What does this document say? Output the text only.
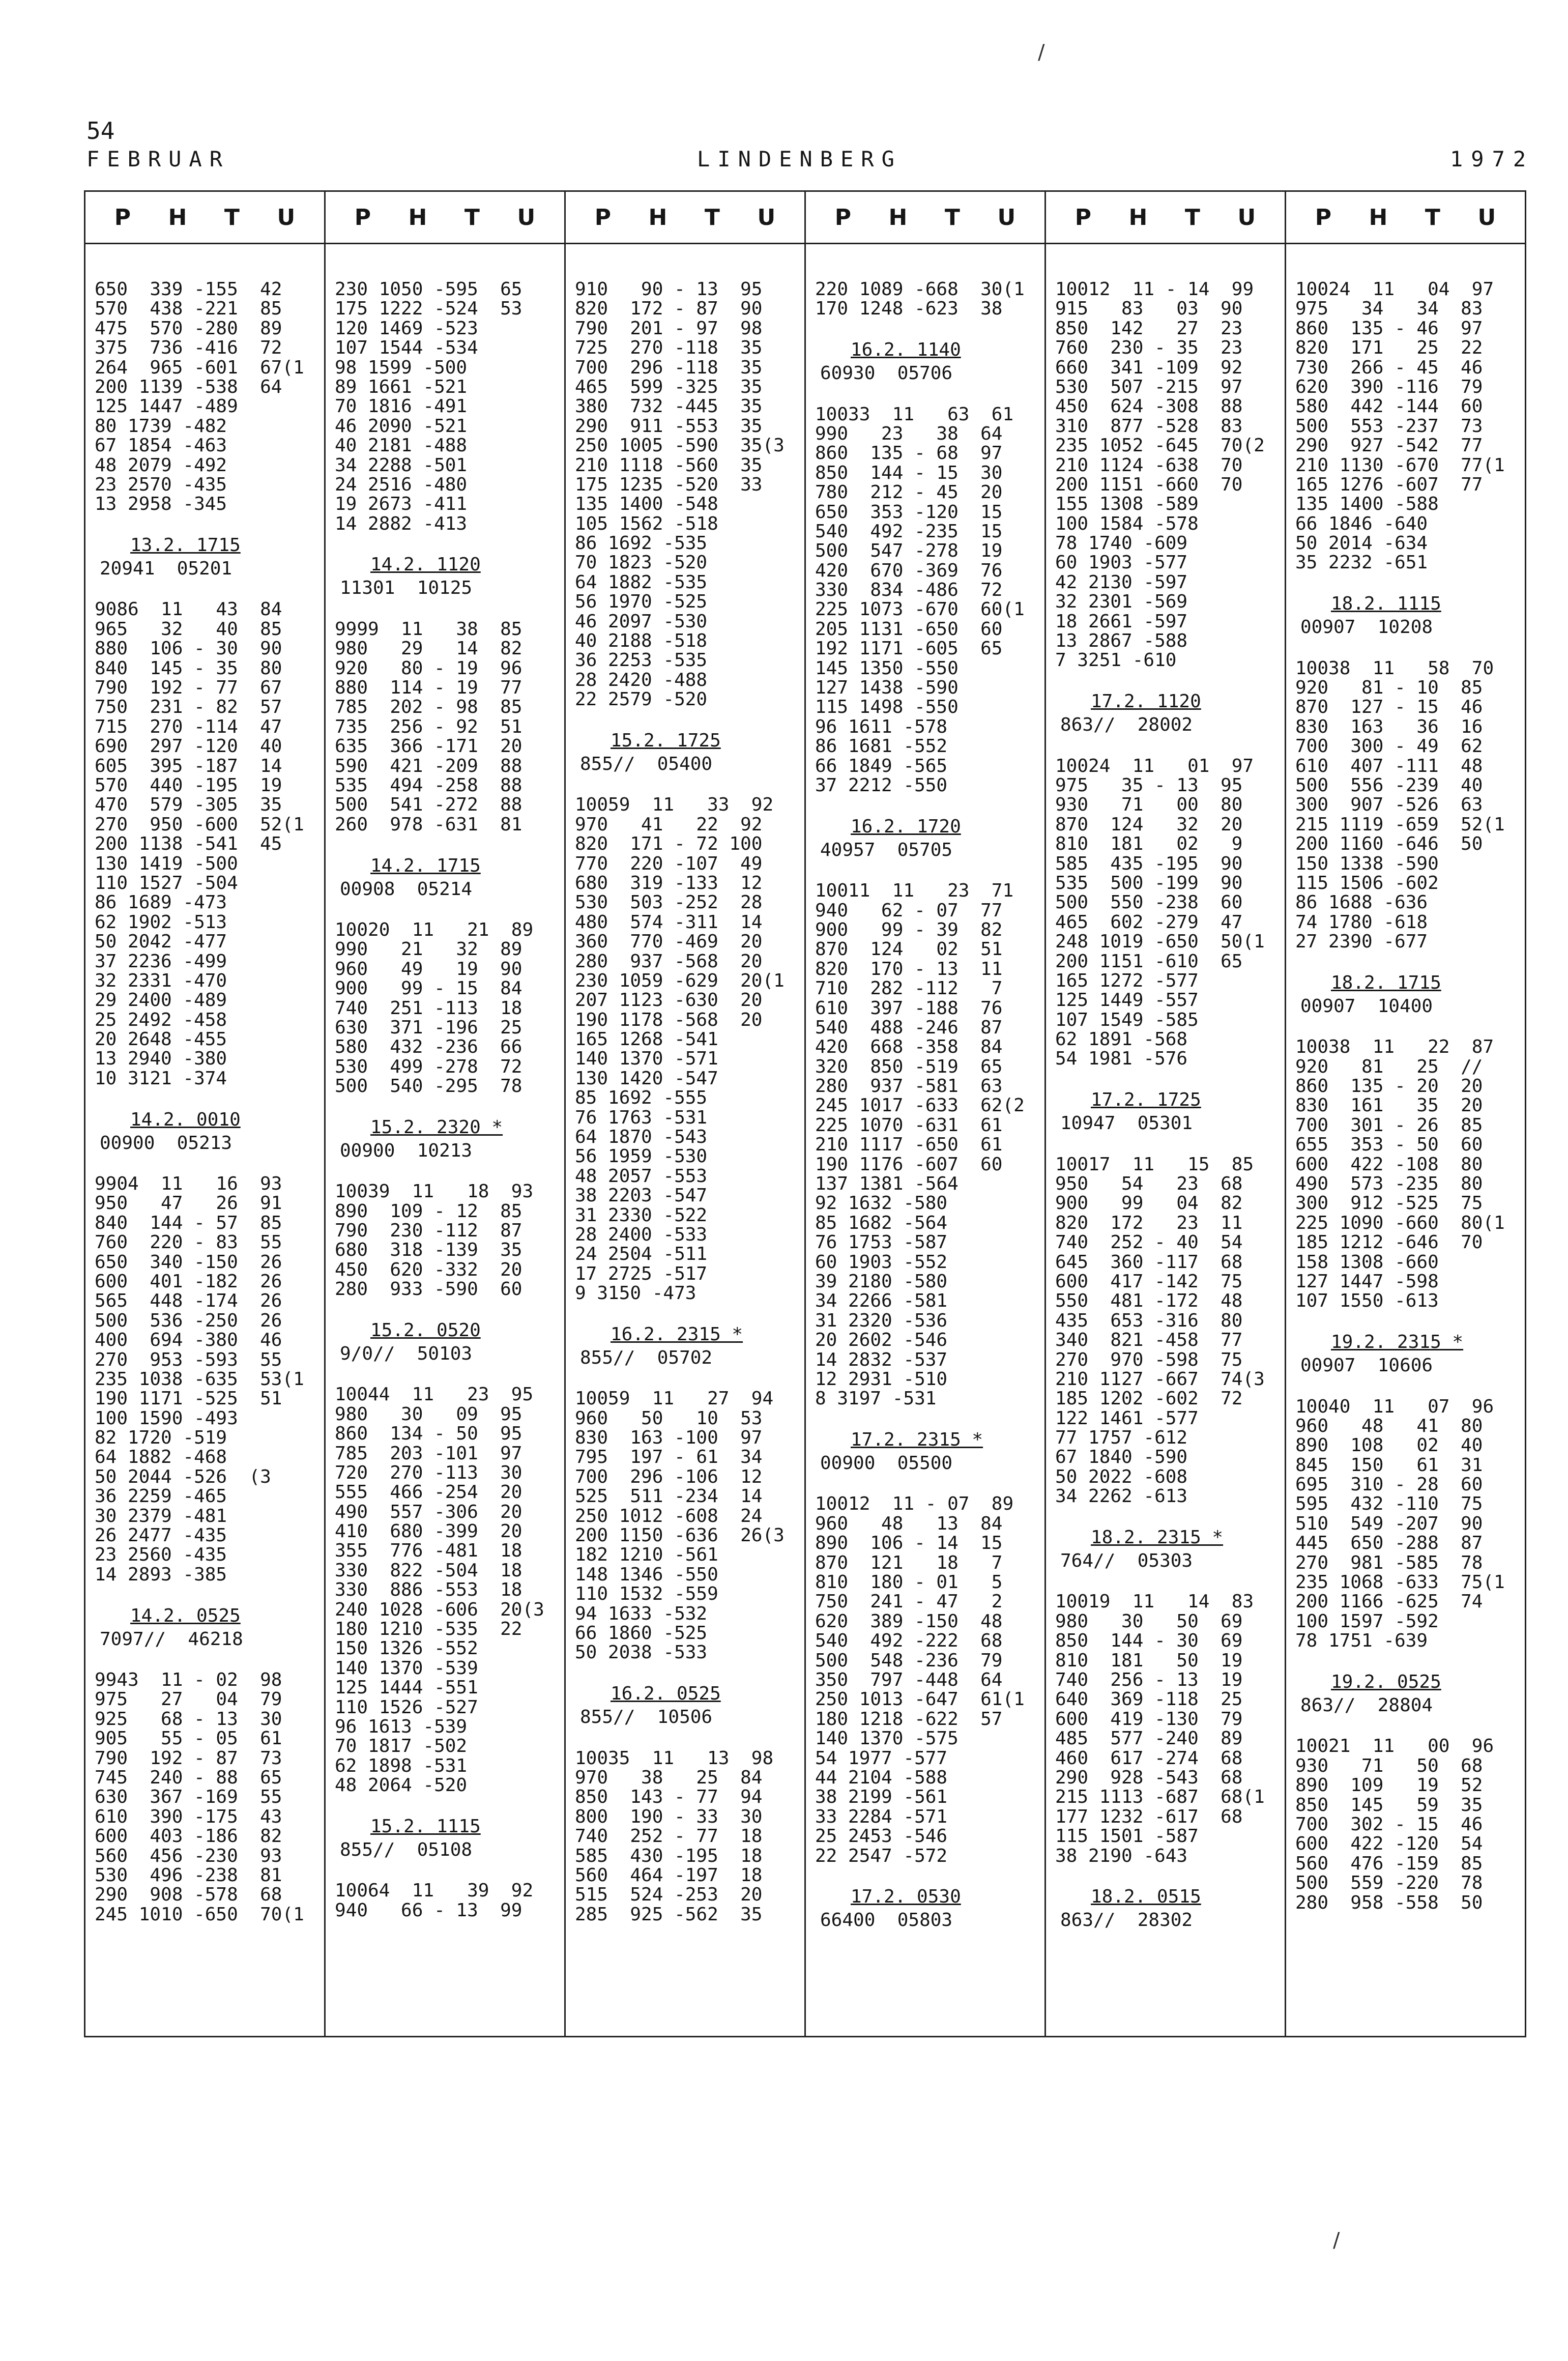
54
FEBRUAR	LINDENBERG	1972
P H T U
650  339 -155  42
570  438 -221  85
475  570 -280  89
375  736 -416  72
264  965 -601  67(1
200 1139 -538  64
125 1447 -489
80 1739 -482
67 1854 -463
48 2079 -492
23 2570 -435
13 2958 -345
13.2. 1715
20941  05201
9086  11   43  84
965   32   40  85
880  106 - 30  90
840  145 - 35  80
790  192 - 77  67
750  231 - 82  57
715  270 -114  47
690  297 -120  40
605  395 -187  14
570  440 -195  19
470  579 -305  35
270  950 -600  52(1
200 1138 -541  45
130 1419 -500
110 1527 -504
86 1689 -473
62 1902 -513
50 2042 -477
37 2236 -499
32 2331 -470
29 2400 -489
25 2492 -458
20 2648 -455
13 2940 -380
10 3121 -374
14.2. 0010
00900  05213
9904  11   16  93
950   47   26  91
840  144 - 57  85
760  220 - 83  55
650  340 -150  26
600  401 -182  26
565  448 -174  26
500  536 -250  26
400  694 -380  46
270  953 -593  55
235 1038 -635  53(1
190 1171 -525  51
100 1590 -493
82 1720 -519
64 1882 -468
50 2044 -526  (3
36 2259 -465
30 2379 -481
26 2477 -435
23 2560 -435
14 2893 -385
14.2. 0525
7097//  46218
9943  11 - 02  98
975   27   04  79
925   68 - 13  30
905   55 - 05  61
790  192 - 87  73
745  240 - 88  65
630  367 -169  55
610  390 -175  43
600  403 -186  82
560  456 -230  93
530  496 -238  81
290  908 -578  68
245 1010 -650  70(1
P H T U
230 1050 -595  65
175 1222 -524  53
120 1469 -523
107 1544 -534
98 1599 -500
89 1661 -521
70 1816 -491
46 2090 -521
40 2181 -488
34 2288 -501
24 2516 -480
19 2673 -411
14 2882 -413
14.2. 1120
11301  10125
9999  11   38  85
980   29   14  82
920   80 - 19  96
880  114 - 19  77
785  202 - 98  85
735  256 - 92  51
635  366 -171  20
590  421 -209  88
535  494 -258  88
500  541 -272  88
260  978 -631  81
14.2. 1715
00908  05214
10020  11   21  89
990   21   32  89
960   49   19  90
900   99 - 15  84
740  251 -113  18
630  371 -196  25
580  432 -236  66
530  499 -278  72
500  540 -295  78
15.2. 2320 *
00900  10213
10039  11   18  93
890  109 - 12  85
790  230 -112  87
680  318 -139  35
450  620 -332  20
280  933 -590  60
15.2. 0520
9/0//  50103
10044  11   23  95
980   30   09  95
860  134 - 50  95
785  203 -101  97
720  270 -113  30
555  466 -254  20
490  557 -306  20
410  680 -399  20
355  776 -481  18
330  822 -504  18
330  886 -553  18
240 1028 -606  20(3
180 1210 -535  22
150 1326 -552
140 1370 -539
125 1444 -551
110 1526 -527
96 1613 -539
70 1817 -502
62 1898 -531
48 2064 -520
15.2. 1115
855//  05108
10064  11   39  92
940   66 - 13  99
P H T U
910   90 - 13  95
820  172 - 87  90
790  201 - 97  98
725  270 -118  35
700  296 -118  35
465  599 -325  35
380  732 -445  35
290  911 -553  35
250 1005 -590  35(3
210 1118 -560  35
175 1235 -520  33
135 1400 -548
105 1562 -518
86 1692 -535
70 1823 -520
64 1882 -535
56 1970 -525
46 2097 -530
40 2188 -518
36 2253 -535
28 2420 -488
22 2579 -520
15.2. 1725
855//  05400
10059  11   33  92
970   41   22  92
820  171 - 72 100
770  220 -107  49
680  319 -133  12
530  503 -252  28
480  574 -311  14
360  770 -469  20
280  937 -568  20
230 1059 -629  20(1
207 1123 -630  20
190 1178 -568  20
165 1268 -541
140 1370 -571
130 1420 -547
85 1692 -555
76 1763 -531
64 1870 -543
56 1959 -530
48 2057 -553
38 2203 -547
31 2330 -522
28 2400 -533
24 2504 -511
17 2725 -517
9 3150 -473
16.2. 2315 *
855//  05702
10059  11   27  94
960   50   10  53
830  163 -100  97
795  197 - 61  34
700  296 -106  12
525  511 -234  14
250 1012 -608  24
200 1150 -636  26(3
182 1210 -561
148 1346 -550
110 1532 -559
94 1633 -532
66 1860 -525
50 2038 -533
16.2. 0525
855//  10506
10035  11   13  98
970   38   25  84
850  143 - 77  94
800  190 - 33  30
740  252 - 77  18
585  430 -195  18
560  464 -197  18
515  524 -253  20
285  925 -562  35
P H T U
220 1089 -668  30(1
170 1248 -623  38
16.2. 1140
60930  05706
10033  11   63  61
990   23   38  64
860  135 - 68  97
850  144 - 15  30
780  212 - 45  20
650  353 -120  15
540  492 -235  15
500  547 -278  19
420  670 -369  76
330  834 -486  72
225 1073 -670  60(1
205 1131 -650  60
192 1171 -605  65
145 1350 -550
127 1438 -590
115 1498 -550
96 1611 -578
86 1681 -552
66 1849 -565
37 2212 -550
16.2. 1720
40957  05705
10011  11   23  71
940   62 - 07  77
900   99 - 39  82
870  124   02  51
820  170 - 13  11
710  282 -112   7
610  397 -188  76
540  488 -246  87
420  668 -358  84
320  850 -519  65
280  937 -581  63
245 1017 -633  62(2
225 1070 -631  61
210 1117 -650  61
190 1176 -607  60
137 1381 -564
92 1632 -580
85 1682 -564
76 1753 -587
60 1903 -552
39 2180 -580
34 2266 -581
31 2320 -536
20 2602 -546
14 2832 -537
12 2931 -510
8 3197 -531
17.2. 2315 *
00900  05500
10012  11 - 07  89
960   48   13  84
890  106 - 14  15
870  121   18   7
810  180 - 01   5
750  241 - 47   2
620  389 -150  48
540  492 -222  68
500  548 -236  79
350  797 -448  64
250 1013 -647  61(1
180 1218 -622  57
140 1370 -575
54 1977 -577
44 2104 -588
38 2199 -561
33 2284 -571
25 2453 -546
22 2547 -572
17.2. 0530
66400  05803
P H T U
10012  11 - 14  99
915   83   03  90
850  142   27  23
760  230 - 35  23
660  341 -109  92
530  507 -215  97
450  624 -308  88
310  877 -528  83
235 1052 -645  70(2
210 1124 -638  70
200 1151 -660  70
155 1308 -589
100 1584 -578
78 1740 -609
60 1903 -577
42 2130 -597
32 2301 -569
18 2661 -597
13 2867 -588
7 3251 -610
17.2. 1120
863//  28002
10024  11   01  97
975   35 - 13  95
930   71   00  80
870  124   32  20
810  181   02   9
585  435 -195  90
535  500 -199  90
500  550 -238  60
465  602 -279  47
248 1019 -650  50(1
200 1151 -610  65
165 1272 -577
125 1449 -557
107 1549 -585
62 1891 -568
54 1981 -576
17.2. 1725
10947  05301
10017  11   15  85
950   54   23  68
900   99   04  82
820  172   23  11
740  252 - 40  54
645  360 -117  68
600  417 -142  75
550  481 -172  48
435  653 -316  80
340  821 -458  77
270  970 -598  75
210 1127 -667  74(3
185 1202 -602  72
122 1461 -577
77 1757 -612
67 1840 -590
50 2022 -608
34 2262 -613
18.2. 2315 *
764//  05303
10019  11   14  83
980   30   50  69
850  144 - 30  69
810  181   50  19
740  256 - 13  19
640  369 -118  25
600  419 -130  79
485  577 -240  89
460  617 -274  68
290  928 -543  68
215 1113 -687  68(1
177 1232 -617  68
115 1501 -587
38 2190 -643
18.2. 0515
863//  28302
P H T U
10024  11   04  97
975   34   34  83
860  135 - 46  97
820  171   25  22
730  266 - 45  46
620  390 -116  79
580  442 -144  60
500  553 -237  73
290  927 -542  77
210 1130 -670  77(1
165 1276 -607  77
135 1400 -588
66 1846 -640
50 2014 -634
35 2232 -651
18.2. 1115
00907  10208
10038  11   58  70
920   81 - 10  85
870  127 - 15  46
830  163   36  16
700  300 - 49  62
610  407 -111  48
500  556 -239  40
300  907 -526  63
215 1119 -659  52(1
200 1160 -646  50
150 1338 -590
115 1506 -602
86 1688 -636
74 1780 -618
27 2390 -677
18.2. 1715
00907  10400
10038  11   22  87
920   81   25  //
860  135 - 20  20
830  161   35  20
700  301 - 26  85
655  353 - 50  60
600  422 -108  80
490  573 -235  80
300  912 -525  75
225 1090 -660  80(1
185 1212 -646  70
158 1308 -660
127 1447 -598
107 1550 -613
19.2. 2315 *
00907  10606
10040  11   07  96
960   48   41  80
890  108   02  40
845  150   61  31
695  310 - 28  60
595  432 -110  75
510  549 -207  90
445  650 -288  87
270  981 -585  78
235 1068 -633  75(1
200 1166 -625  74
100 1597 -592
78 1751 -639
19.2. 0525
863//  28804
10021  11   00  96
930   71   50  68
890  109   19  52
850  145   59  35
700  302 - 15  46
600  422 -120  54
560  476 -159  85
500  559 -220  78
280  958 -558  50
/
/
